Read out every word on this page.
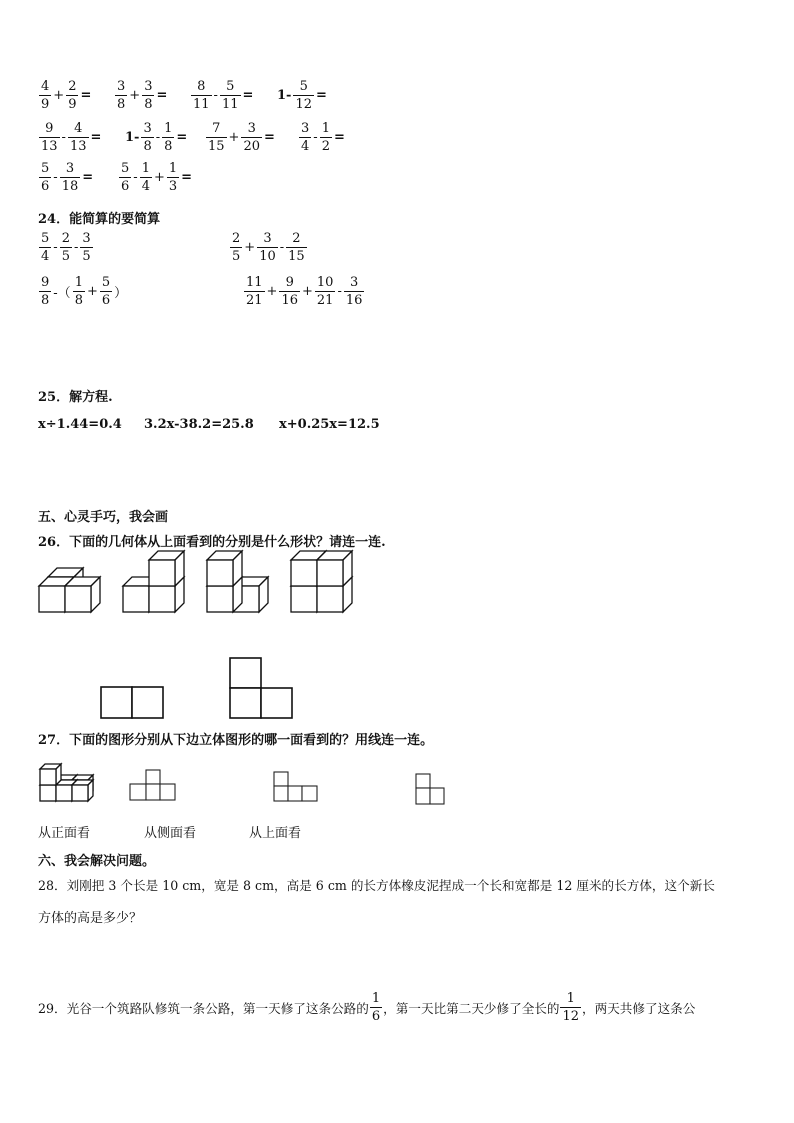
$\frac{4}{9} + \frac{2}{9} = \frac{3}{8} + \frac{3}{8} = \frac{8}{11} - \frac{5}{11} = 1- \frac{5}{12}$ =
$\frac{9}{13} - \frac{4}{13} = 1- \frac{3}{8} - \frac{1}{8} = \frac{7}{15} + \frac{3}{20} = \frac{3}{4} - \frac{1}{2}$ =
$\frac{5}{6} - \frac{3}{18} = \frac{5}{6} - \frac{1}{4} + \frac{1}{3}$ =
24．能简算的要简算
$\frac{5}{4} - \frac{2}{5} - \frac{3}{5}$	$\frac{2}{5} + \frac{3}{10} - \frac{2}{15}$
$\frac{9}{8}$ -（ $\frac{1}{8} + \frac{5}{6}$ ）	$\frac{11}{21} + \frac{9}{16} + \frac{10}{21} - \frac{3}{16}$
25．解方程.
x÷1.44=0.4 3.2x-38.2=25.8 x+0.25x=12.5
五、心灵手巧，我会画
26．下面的几何体从上面看到的分别是什么形状？请连一连.
27．下面的图形分别从下边立体图形的哪一面看到的？用线连一连。
从正面看	从侧面看	从上面看
六、我会解决问题。
28．刘刚把 3 个长是 10 cm，宽是 8 cm，高是 6 cm 的长方体橡皮泥捏成一个长和宽都是 12 厘米的长方体，这个新长
方体的高是多少？
29．光谷一个筑路队修筑一条公路，第一天修了这条公路的 $\frac{1}{6}$ ，第一天比第二天少修了全长的 $\frac{1}{12}$ ，两天共修了这条公
